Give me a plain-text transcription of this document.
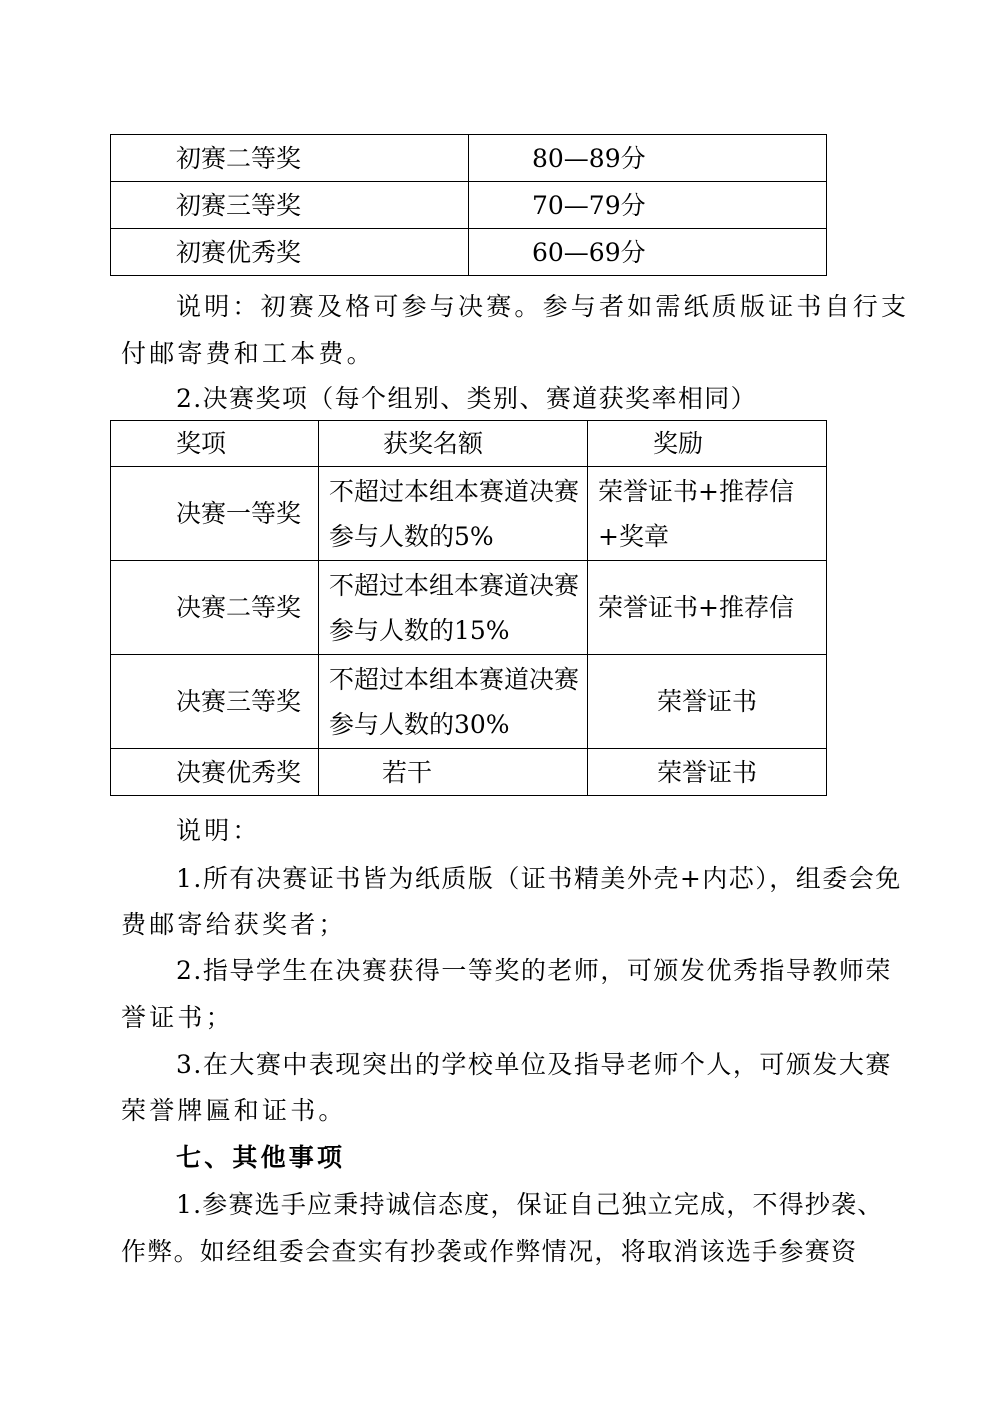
初赛二等奖	80—89分
初赛三等奖	70—79分
初赛优秀奖	60—69分
说明：初赛及格可参与决赛。参与者如需纸质版证书自行支
付邮寄费和工本费。
2.决赛奖项（每个组别、类别、赛道获奖率相同）
奖项	获奖名额	奖励
决赛一等奖	不超过本组本赛道决赛参与人数的5%	荣誉证书+推荐信+奖章
决赛二等奖	不超过本组本赛道决赛参与人数的15%	荣誉证书+推荐信
决赛三等奖	不超过本组本赛道决赛参与人数的30%	荣誉证书
决赛优秀奖	若干	荣誉证书
说明：
1.所有决赛证书皆为纸质版（证书精美外壳+内芯），组委会免
费邮寄给获奖者；
2.指导学生在决赛获得一等奖的老师，可颁发优秀指导教师荣
誉证书；
3.在大赛中表现突出的学校单位及指导老师个人，可颁发大赛
荣誉牌匾和证书。
七、其他事项
1.参赛选手应秉持诚信态度，保证自己独立完成，不得抄袭、
作弊。如经组委会查实有抄袭或作弊情况，将取消该选手参赛资
